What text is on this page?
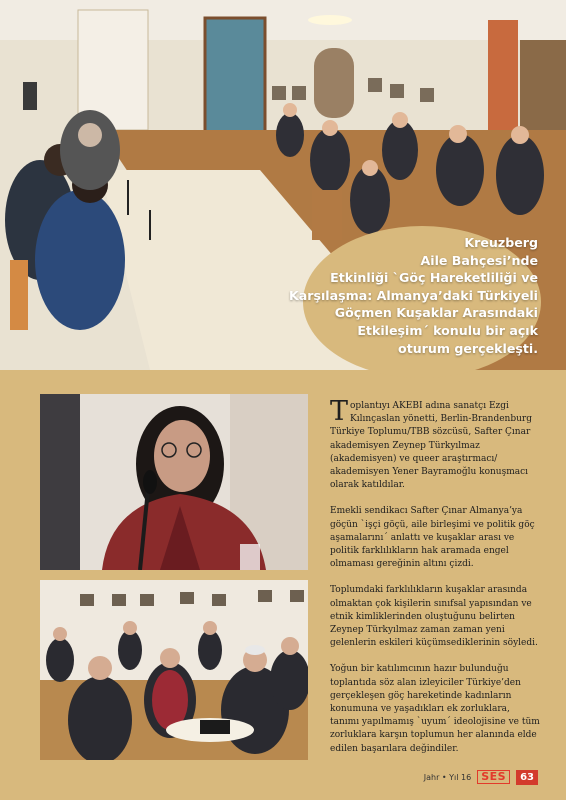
Kreuzberg
Aile Bahçesi’nde
Etkinliği `Göç Hareketliliği ve
Karşılaşma: Almanya’daki Türkiyeli
Göçmen Kuşaklar Arasındaki
Etkileşim´ konulu bir açık
oturum gerçekleşti.

Toplantıyı AKEBI adına sanatçı Ezgi Kılınçaslan yönetti, Berlin-Brandenburg Türkiye Toplumu/TBB sözcüsü, Safter Çınar akademisyen Zeynep Türkyılmaz (akademisyen) ve queer araştırmacı/ akademisyen Yener Bayramoğlu konuşmacı olarak katıldılar.

Emekli sendikacı Safter Çınar Almanya’ya göçün `işçi göçü, aile birleşimi ve politik göç aşamalarını´ anlattı ve kuşaklar arası ve politik farklılıkların hak aramada engel olmaması gereğinin altını çizdi.

Toplumdaki farklılıkların kuşaklar arasında olmaktan çok kişilerin sınıfsal yapısından ve etnik kimliklerinden oluştuğunu belirten Zeynep Türkyılmaz zaman zaman yeni gelenlerin eskileri küçümsediklerinin söyledi.

Yoğun bir katılımcının hazır bulunduğu toplantıda söz alan izleyiciler Türkiye’den gerçekleşen göç hareketinde kadınların konumuna ve yaşadıkları ek zorluklara, tanımı yapılmamış `uyum´ ideolojisine ve tüm zorluklara karşın toplumun her alanında elde edilen başarılara değindiler.

Jahr • Yıl 16 SES	63
